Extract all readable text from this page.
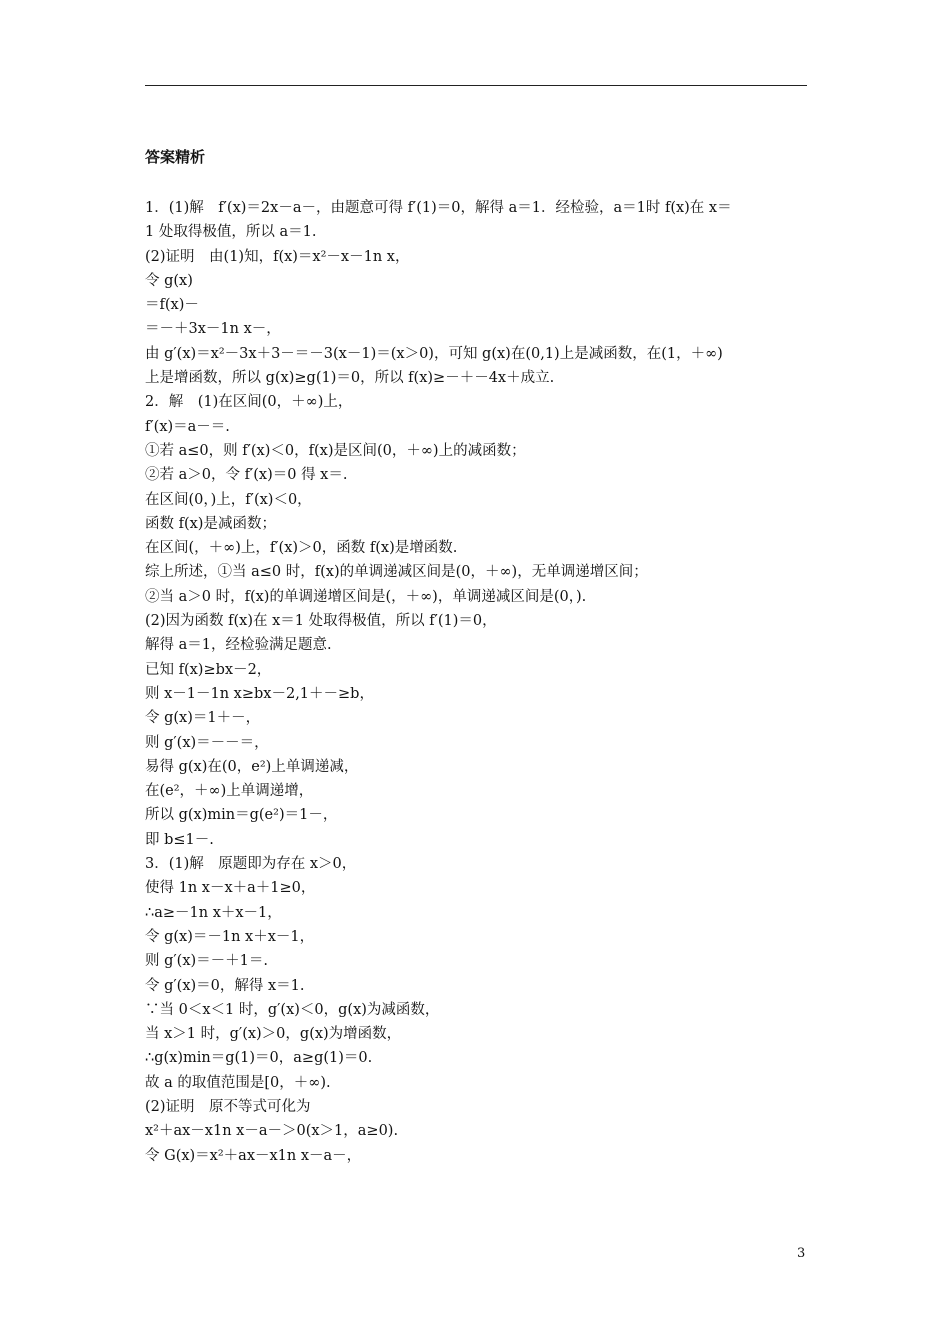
答案精析
1．(1)解　f′(x)＝2x－a－，由题意可得 f′(1)＝0，解得 a＝1．经检验，a＝1时 f(x)在 x＝
1 处取得极值，所以 a＝1.
(2)证明　由(1)知，f(x)＝x²－x－1n x，
令 g(x)
＝f(x)－
＝－＋3x－1n x－，
由 g′(x)＝x²－3x＋3－＝－3(x－1)＝(x＞0)，可知 g(x)在(0,1)上是减函数，在(1，＋∞)
上是增函数，所以 g(x)≥g(1)＝0，所以 f(x)≥－＋－4x＋成立.
2．解　(1)在区间(0，＋∞)上，
f′(x)＝a－＝.
①若 a≤0，则 f′(x)＜0，f(x)是区间(0，＋∞)上的减函数；
②若 a＞0，令 f′(x)＝0 得 x＝.
在区间(0，)上，f′(x)＜0，
函数 f(x)是减函数；
在区间(，＋∞)上，f′(x)＞0，函数 f(x)是增函数.
综上所述，①当 a≤0 时，f(x)的单调递减区间是(0，＋∞)，无单调递增区间；
②当 a＞0 时，f(x)的单调递增区间是(，＋∞)，单调递减区间是(0，).
(2)因为函数 f(x)在 x＝1 处取得极值，所以 f′(1)＝0，
解得 a＝1，经检验满足题意.
已知 f(x)≥bx－2，
则 x－1－1n x≥bx－2,1＋－≥b，
令 g(x)＝1＋－，
则 g′(x)＝－－＝，
易得 g(x)在(0，e²)上单调递减，
在(e²，＋∞)上单调递增，
所以 g(x)min＝g(e²)＝1－，
即 b≤1－.
3．(1)解　原题即为存在 x＞0，
使得 1n x－x＋a＋1≥0，
∴a≥－1n x＋x－1，
令 g(x)＝－1n x＋x－1，
则 g′(x)＝－＋1＝.
令 g′(x)＝0，解得 x＝1.
∵当 0＜x＜1 时，g′(x)＜0，g(x)为减函数，
当 x＞1 时，g′(x)＞0，g(x)为增函数，
∴g(x)min＝g(1)＝0，a≥g(1)＝0.
故 a 的取值范围是[0，＋∞).
(2)证明　原不等式可化为
x²＋ax－x1n x－a－＞0(x＞1，a≥0).
令 G(x)＝x²＋ax－x1n x－a－，
3
